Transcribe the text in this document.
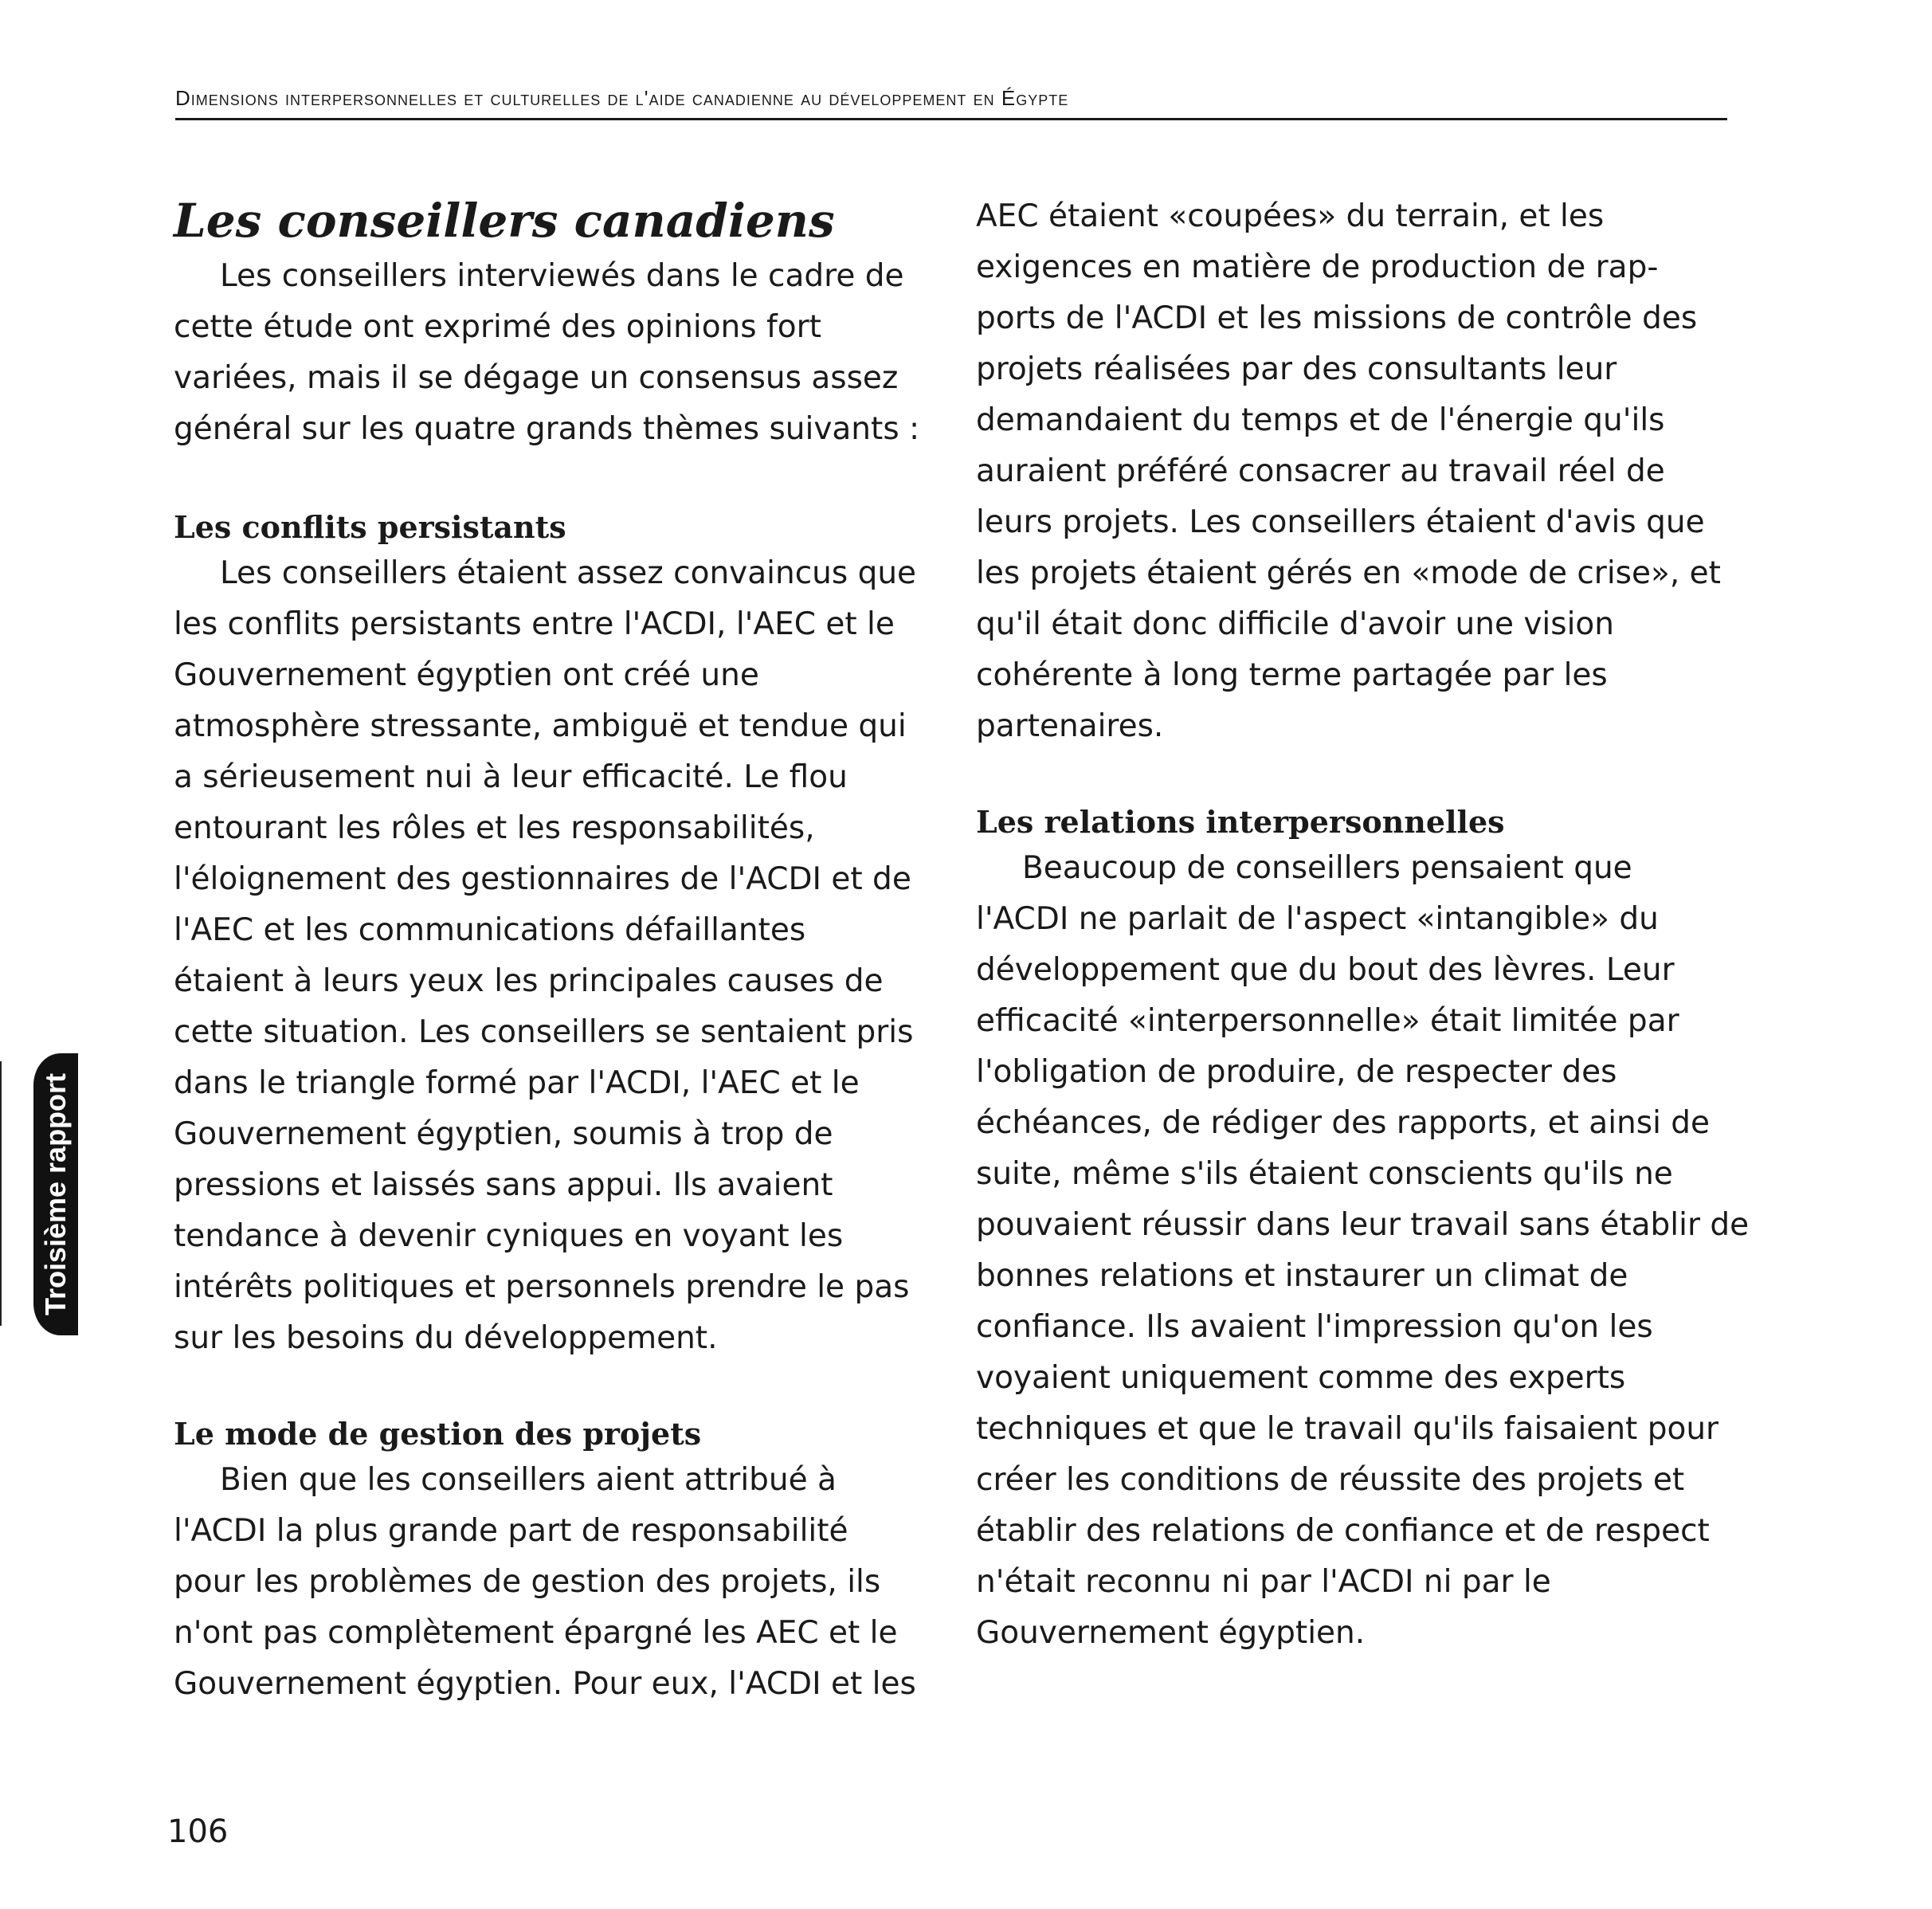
Dimensions interpersonnelles et culturelles de l'aide canadienne au développement en Égypte
Les conseillers canadiens

Les conseillers interviewés dans le cadre de
cette étude ont exprimé des opinions fort
variées, mais il se dégage un consensus assez
général sur les quatre grands thèmes suivants :

Les conflits persistants

Les conseillers étaient assez convaincus que
les conflits persistants entre l'ACDI, l'AEC et le
Gouvernement égyptien ont créé une
atmosphère stressante, ambiguë et tendue qui
a sérieusement nui à leur efficacité. Le flou
entourant les rôles et les responsabilités,
l'éloignement des gestionnaires de l'ACDI et de
l'AEC et les communications défaillantes
étaient à leurs yeux les principales causes de
cette situation. Les conseillers se sentaient pris
dans le triangle formé par l'ACDI, l'AEC et le
Gouvernement égyptien, soumis à trop de
pressions et laissés sans appui. Ils avaient
tendance à devenir cyniques en voyant les
intérêts politiques et personnels prendre le pas
sur les besoins du développement.

Le mode de gestion des projets

Bien que les conseillers aient attribué à
l'ACDI la plus grande part de responsabilité
pour les problèmes de gestion des projets, ils
n'ont pas complètement épargné les AEC et le
Gouvernement égyptien. Pour eux, l'ACDI et les

AEC étaient «coupées» du terrain, et les
exigences en matière de production de rap-
ports de l'ACDI et les missions de contrôle des
projets réalisées par des consultants leur
demandaient du temps et de l'énergie qu'ils
auraient préféré consacrer au travail réel de
leurs projets. Les conseillers étaient d'avis que
les projets étaient gérés en «mode de crise», et
qu'il était donc difficile d'avoir une vision
cohérente à long terme partagée par les
partenaires.

Les relations interpersonnelles

Beaucoup de conseillers pensaient que
l'ACDI ne parlait de l'aspect «intangible» du
développement que du bout des lèvres. Leur
efficacité «interpersonnelle» était limitée par
l'obligation de produire, de respecter des
échéances, de rédiger des rapports, et ainsi de
suite, même s'ils étaient conscients qu'ils ne
pouvaient réussir dans leur travail sans établir de
bonnes relations et instaurer un climat de
confiance. Ils avaient l'impression qu'on les
voyaient uniquement comme des experts
techniques et que le travail qu'ils faisaient pour
créer les conditions de réussite des projets et
établir des relations de confiance et de respect
n'était reconnu ni par l'ACDI ni par le
Gouvernement égyptien.

Troisième rapport
106
